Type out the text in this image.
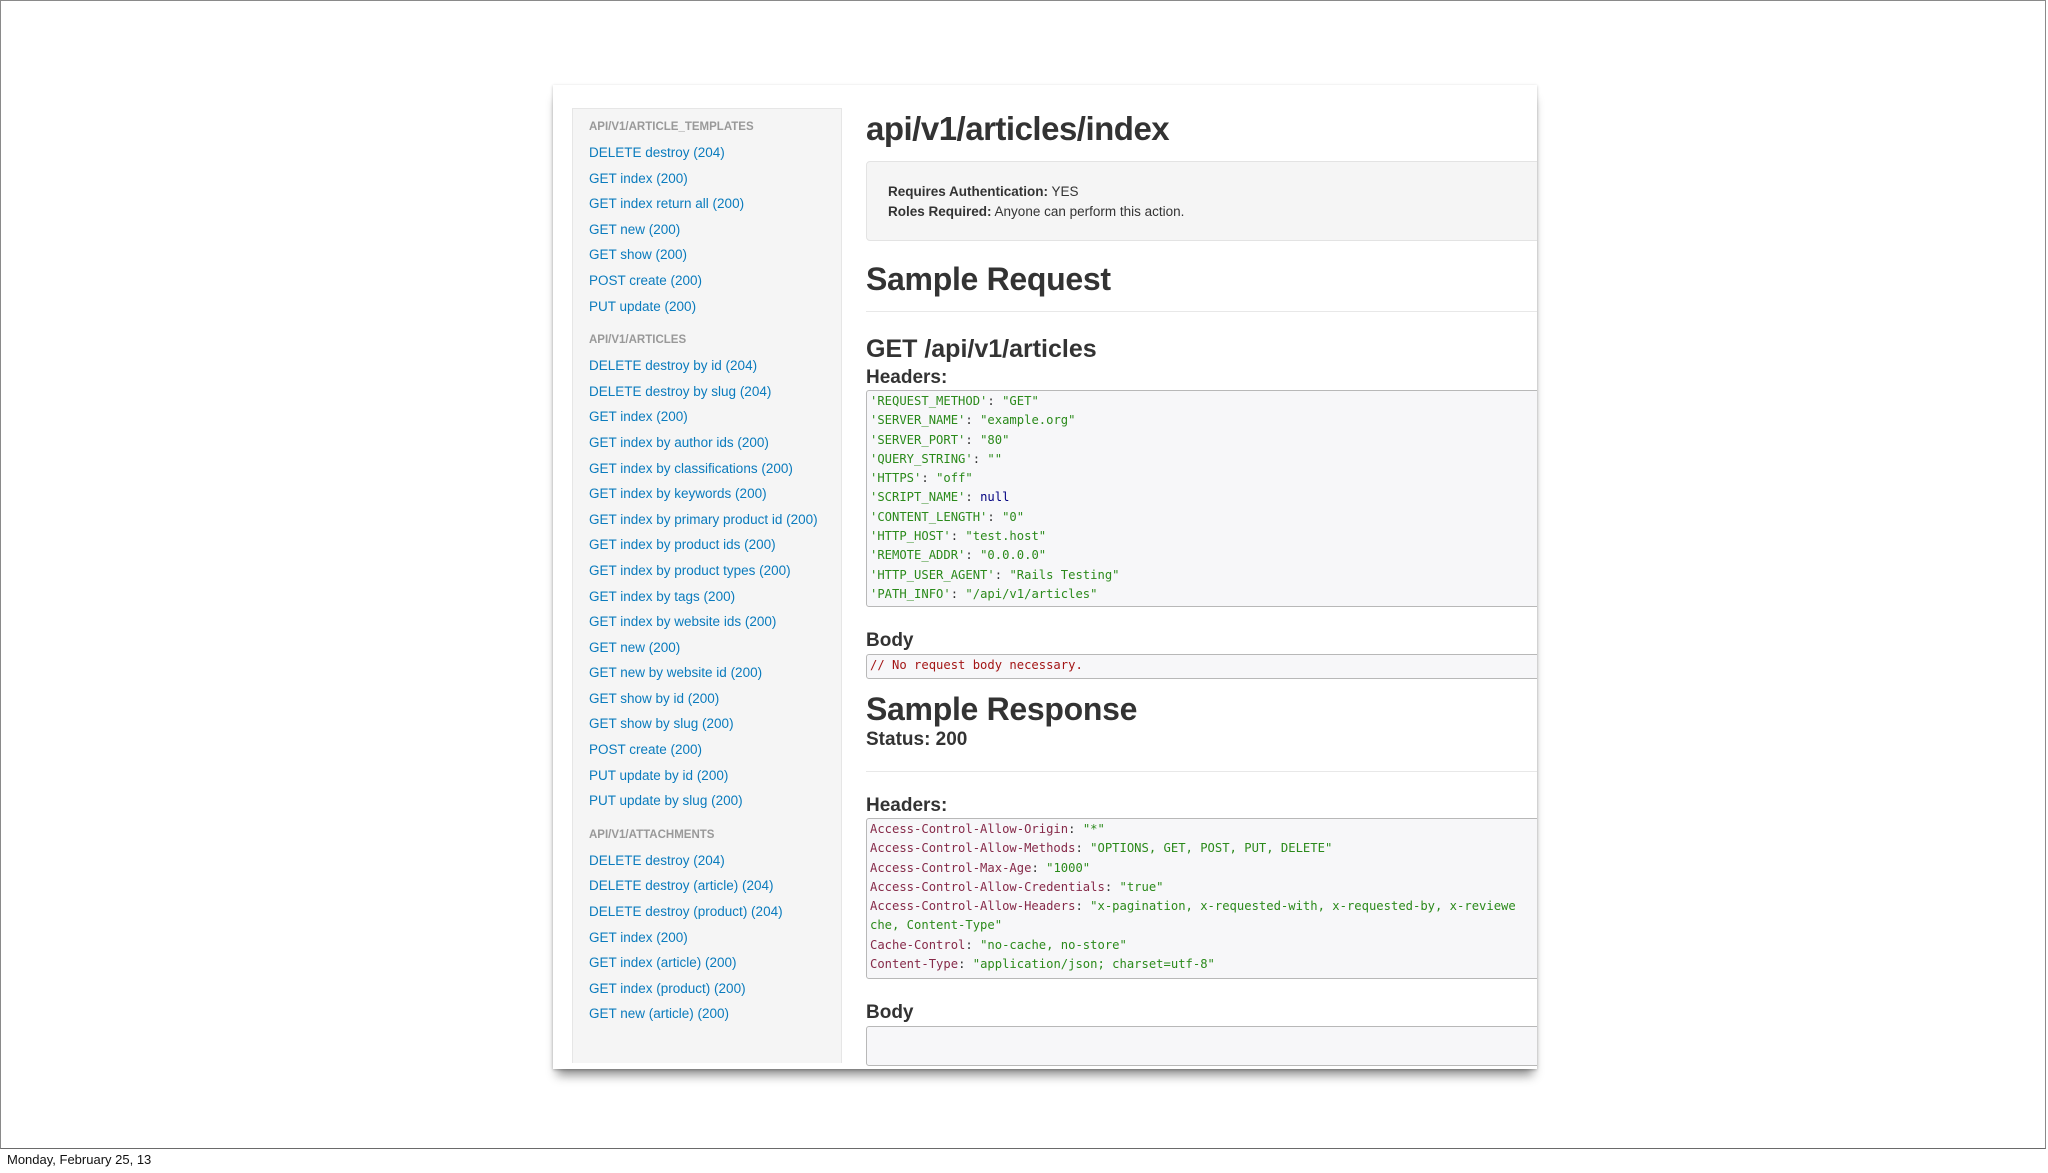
API/V1/ARTICLE_TEMPLATES
DELETE destroy (204)
GET index (200)
GET index return all (200)
GET new (200)
GET show (200)
POST create (200)
PUT update (200)
API/V1/ARTICLES
DELETE destroy by id (204)
DELETE destroy by slug (204)
GET index (200)
GET index by author ids (200)
GET index by classifications (200)
GET index by keywords (200)
GET index by primary product id (200)
GET index by product ids (200)
GET index by product types (200)
GET index by tags (200)
GET index by website ids (200)
GET new (200)
GET new by website id (200)
GET show by id (200)
GET show by slug (200)
POST create (200)
PUT update by id (200)
PUT update by slug (200)
API/V1/ATTACHMENTS
DELETE destroy (204)
DELETE destroy (article) (204)
DELETE destroy (product) (204)
GET index (200)
GET index (article) (200)
GET index (product) (200)
GET new (article) (200)
api/v1/articles/index
Requires Authentication: YES
Roles Required: Anyone can perform this action.
Sample Request
GET /api/v1/articles
Headers:
'REQUEST_METHOD': "GET"
'SERVER_NAME': "example.org"
'SERVER_PORT': "80"
'QUERY_STRING': ""
'HTTPS': "off"
'SCRIPT_NAME': null
'CONTENT_LENGTH': "0"
'HTTP_HOST': "test.host"
'REMOTE_ADDR': "0.0.0.0"
'HTTP_USER_AGENT': "Rails Testing"
'PATH_INFO': "/api/v1/articles"
Body
// No request body necessary.
Sample Response
Status: 200
Headers:
Access-Control-Allow-Origin: "*"
Access-Control-Allow-Methods: "OPTIONS, GET, POST, PUT, DELETE"
Access-Control-Max-Age: "1000"
Access-Control-Allow-Credentials: "true"
Access-Control-Allow-Headers: "x-pagination, x-requested-with, x-requested-by, x-reviewe
che, Content-Type"
Cache-Control: "no-cache, no-store"
Content-Type: "application/json; charset=utf-8"
Body
Monday, February 25, 13
